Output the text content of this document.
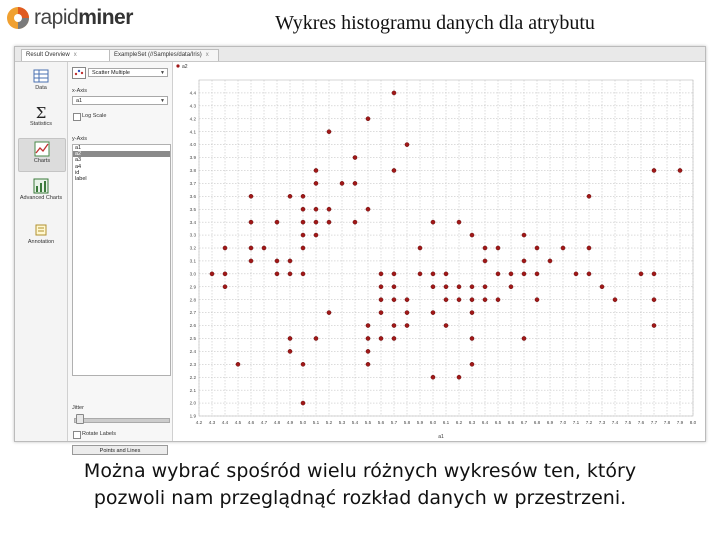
rapidminer	Wykres histogramu danych dla atrybutu
Result Overview x	ExampleSet (//Samples/data/Iris) x
Data
Σ
Statistics
Charts
Advanced Charts
Annotation
Scatter Multiple	▼
x-Axis
a1	▼
Log Scale
y-Axis
a1
a2
a3
a4
id
label
Jitter
Rotate Labels
Points and Lines
4.4
4.3
4.2
4.1
4.0
3.9
3.8
3.7
3.6
3.5
3.4
3.3
3.2
3.1
3.0
2.9
2.8
2.7
2.6
2.5
2.4
2.3
2.2
2.1
2.0
1.9
4.2 4.3 4.4 4.5 4.6 4.7 4.8 4.9 5.0 5.1 5.2 5.3 5.4 5.5 5.6 5.7 5.8 5.9 6.0 6.1 6.2 6.3 6.4 6.5 6.6 6.7 6.8 6.9 7.0 7.1 7.2 7.3 7.4 7.5 7.6 7.7 7.8 7.9 8.0
a2
a1
Można wybrać spośród wielu różnych wykresów ten, który
pozwoli nam przeglądnąć rozkład danych w przestrzeni.
